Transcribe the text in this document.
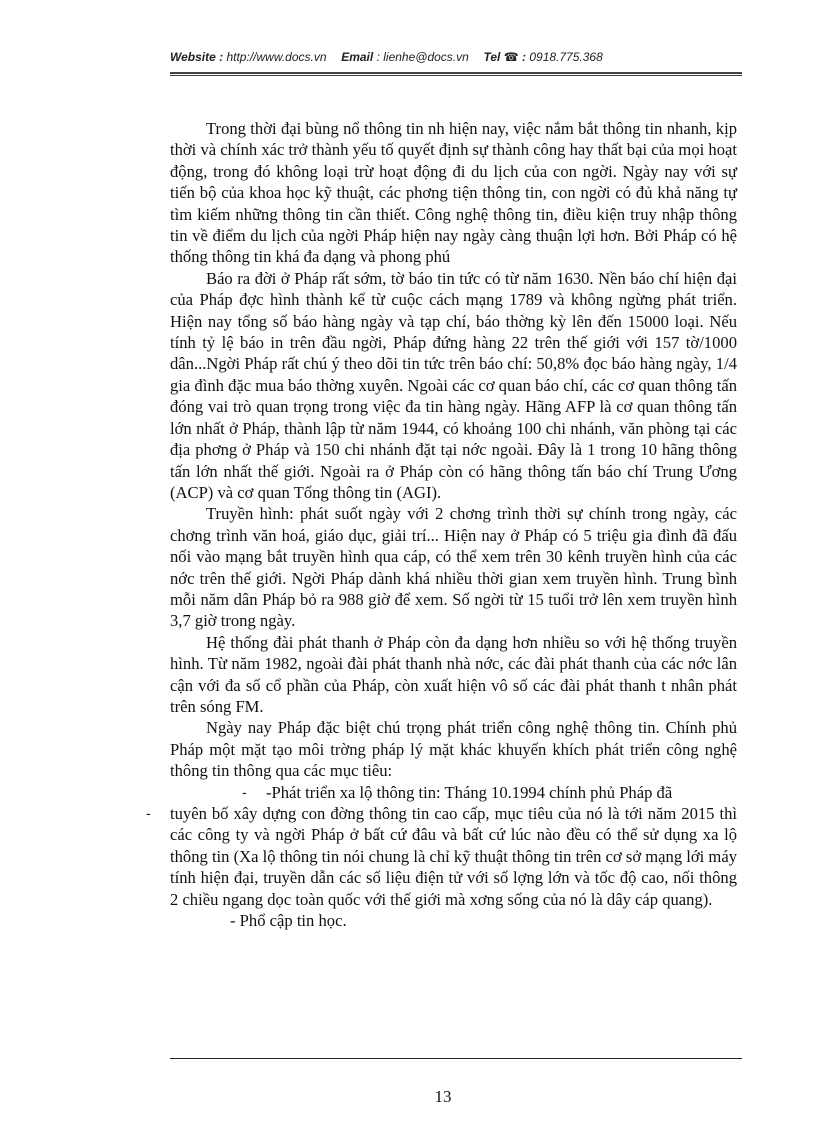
Website : http://www.docs.vn Email : lienhe@docs.vn Tel ☎ : 0918.775.368

Trong thời đại bùng nổ thông tin nh hiện nay, việc nắm bắt thông tin nhanh, kịp thời và chính xác trở thành yếu tố quyết định sự thành công hay thất bại của mọi hoạt động, trong đó không loại trừ hoạt động đi du lịch của con ngời. Ngày nay với sự tiến bộ của khoa học kỹ thuật, các phơng tiện thông tin, con ngời có đủ khả năng tự tìm kiếm những thông tin cần thiết. Công nghệ thông tin, điều kiện truy nhập thông tin về điểm du lịch của ngời Pháp hiện nay ngày càng thuận lợi hơn. Bởi Pháp có hệ thống thông tin khá đa dạng và phong phú

Báo ra đời ở Pháp rất sớm, tờ báo tin tức có từ năm 1630. Nền báo chí hiện đại của Pháp đợc hình thành kể từ cuộc cách mạng 1789 và không ngừng phát triển. Hiện nay tổng số báo hàng ngày và tạp chí, báo thờng kỳ lên đến 15000 loại. Nếu tính tỷ lệ báo in trên đầu ngời, Pháp đứng hàng 22 trên thế giới với 157 tờ/1000 dân...Ngời Pháp rất chú ý theo dõi tin tức trên báo chí: 50,8% đọc báo hàng ngày, 1/4 gia đình đặc mua báo thờng xuyên. Ngoài các cơ quan báo chí, các cơ quan thông tấn đóng vai trò quan trọng trong việc đa tin hàng ngày. Hãng AFP là cơ quan thông tấn lớn nhất ở Pháp, thành lập từ năm 1944, có khoảng 100 chi nhánh, văn phòng tại các địa phơng ở Pháp và 150 chi nhánh đặt tại nớc ngoài. Đây là 1 trong 10 hãng thông tấn lớn nhất thế giới. Ngoài ra ở Pháp còn có hãng thông tấn báo chí Trung Ương (ACP) và cơ quan Tổng thông tin (AGI).

Truyền hình: phát suốt ngày với 2 chơng trình thời sự chính trong ngày, các chơng trình văn hoá, giáo dục, giải trí... Hiện nay ở Pháp có 5 triệu gia đình đã đấu nối vào mạng bắt truyền hình qua cáp, có thể xem trên 30 kênh truyền hình của các nớc trên thế giới. Ngời Pháp dành khá nhiều thời gian xem truyền hình. Trung bình mỗi năm dân Pháp bỏ ra 988 giờ để xem. Số ngời từ 15 tuổi trở lên xem truyền hình 3,7 giờ trong ngày.

Hệ thống đài phát thanh ở Pháp còn đa dạng hơn nhiều so với hệ thống truyền hình. Từ năm 1982, ngoài đài phát thanh nhà nớc, các đài phát thanh của các nớc lân cận với đa số cổ phần của Pháp, còn xuất hiện vô số các đài phát thanh t nhân phát trên sóng FM.

Ngày nay Pháp đặc biệt chú trọng phát triển công nghệ thông tin. Chính phủ Pháp một mặt tạo môi trờng pháp lý mặt khác khuyến khích phát triển công nghệ thông tin thông qua các mục tiêu:

- -Phát triển xa lộ thông tin: Tháng 10.1994 chính phủ Pháp đã

- tuyên bố xây dựng con đờng thông tin cao cấp, mục tiêu của nó là tới năm 2015 thì các công ty và ngời Pháp ở bất cứ đâu và bất cứ lúc nào đều có thể sử dụng xa lộ thông tin (Xa lộ thông tin nói chung là chỉ kỹ thuật thông tin trên cơ sở mạng lới máy tính hiện đại, truyền dẫn các số liệu điện tử với số lợng lớn và tốc độ cao, nối thông 2 chiều ngang dọc toàn quốc với thế giới mà xơng sống của nó là dây cáp quang).

- Phổ cập tin học.

13
